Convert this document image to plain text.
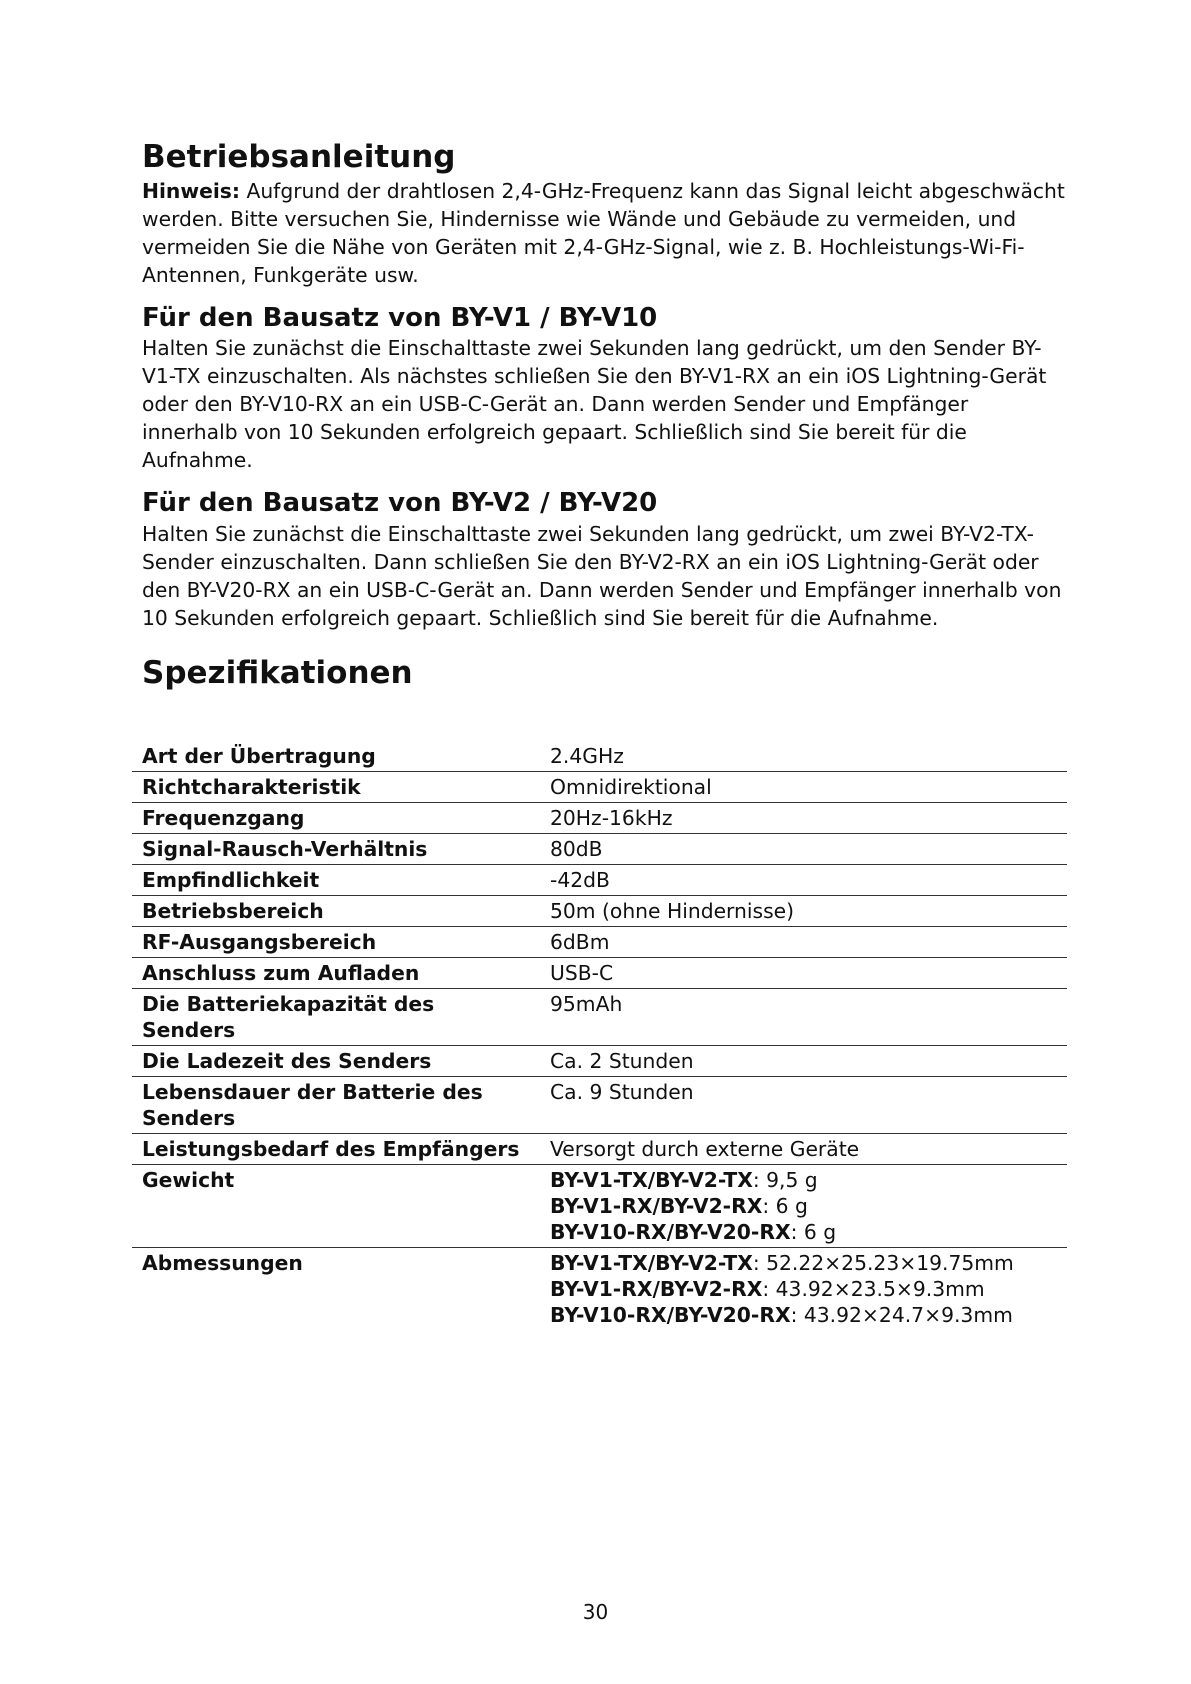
Betriebsanleitung

Hinweis: Aufgrund der drahtlosen 2,4-GHz-Frequenz kann das Signal leicht abgeschwächt werden. Bitte versuchen Sie, Hindernisse wie Wände und Gebäude zu vermeiden, und vermeiden Sie die Nähe von Geräten mit 2,4-GHz-Signal, wie z. B. Hochleistungs-Wi-Fi-Antennen, Funkgeräte usw.

Für den Bausatz von BY-V1 / BY-V10

Halten Sie zunächst die Einschalttaste zwei Sekunden lang gedrückt, um den Sender BY-V1-TX einzuschalten. Als nächstes schließen Sie den BY-V1-RX an ein iOS Lightning-Gerät oder den BY-V10-RX an ein USB-C-Gerät an. Dann werden Sender und Empfänger innerhalb von 10 Sekunden erfolgreich gepaart. Schließlich sind Sie bereit für die Aufnahme.

Für den Bausatz von BY-V2 / BY-V20

Halten Sie zunächst die Einschalttaste zwei Sekunden lang gedrückt, um zwei BY-V2-TX-Sender einzuschalten. Dann schließen Sie den BY-V2-RX an ein iOS Lightning-Gerät oder den BY-V20-RX an ein USB-C-Gerät an. Dann werden Sender und Empfänger innerhalb von 10 Sekunden erfolgreich gepaart. Schließlich sind Sie bereit für die Aufnahme.

Spezifikationen
Art der Übertragung	2.4GHz
Richtcharakteristik	Omnidirektional
Frequenzgang	20Hz-16kHz
Signal-Rausch-Verhältnis	80dB
Empfindlichkeit	-42dB
Betriebsbereich	50m (ohne Hindernisse)
RF-Ausgangsbereich	6dBm
Anschluss zum Aufladen	USB-C
Die Batteriekapazität des Senders	95mAh
Die Ladezeit des Senders	Ca. 2 Stunden
Lebensdauer der Batterie des Senders	Ca. 9 Stunden
Leistungsbedarf des Empfängers	Versorgt durch externe Geräte
Gewicht	BY-V1-TX/BY-V2-TX: 9,5 g
BY-V1-RX/BY-V2-RX: 6 g
BY-V10-RX/BY-V20-RX: 6 g

Abmessungen	BY-V1-TX/BY-V2-TX: 52.22×25.23×19.75mm
BY-V1-RX/BY-V2-RX: 43.92×23.5×9.3mm
BY-V10-RX/BY-V20-RX: 43.92×24.7×9.3mm
30
